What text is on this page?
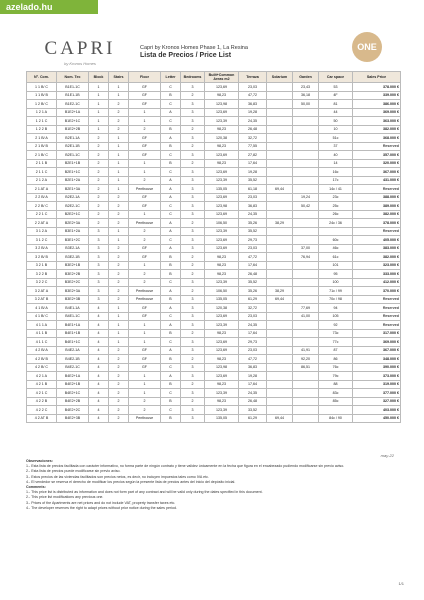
azelado.hu
CAPRI
by Kronos Homes
Capri by Kronos Homes Phase 1, La Resina
Lista de Precios / Price List
ONE
Nº. Com.	Nom. Tec	Block	Stairs	Floor	Letter	Bedrooms	Built+Common Areas m2	Terraza	Solarium	Garden	Car space	Sales Price
1 1 B/ C	B1E1-1C	1	1	GF	C	3	123,69	23,03		23,43	53	378.000 €
1 1 B/ B	B1E1-1B	1	1	GF	B	2	98,23	47,72		36,18	4F	339.000 €
1 2 B/ C	B1E2-1C	1	2	GF	C	3	123,98	36,83		50,00	81	386.000 €
1 2 1 A	B1E2+1A	1	2	1	A	3	123,69	19,28			44	369.000 €
1 2 1 C	B1E2+1C	1	2	1	C	3	123,39	24,35			50	363.000 €
1 2 2 B	B1E2+2B	1	2	2	B	2	98,23	26,48			10	382.000 €
2 1 B/ A	B2E1-1A	2	1	GF	A	3	120,38	32,72			51c	368.000 €
2 1 B/ B	B2E1-1B	2	1	GF	B	2	98,23	77,55			37	Reserved
2 1 B/ C	B2E1-1C	2	1	GF	C	3	123,69	27,82			40	357.000 €
2 1 1 B	B2E1+1B	2	1	1	B	2	98,23	17,64			14	320.000 €
2 1 1 C	B2E1+1C	2	1	1	C	3	123,69	19,28			16c	367.000 €
2 1 2 A	B2E1+2A	2	1	2	A	3	123,39	35,52			17c	431.000 €
2 1 AT A	B2E1+3A	2	1	Penthouse	A	3	135,05	61,18	69,44		14c / 41	Reserved
2 2 B/ A	B2E2-1A	2	2	GF	A	3	123,69	23,03		19,24	23c	388.000 €
2 2 B/ C	B2E2-1C	2	2	GF	C	3	123,98	36,83		50,42	25c	389.000 €
2 2 1 C	B2E2+1C	2	2	1	C	3	123,69	24,35			26c	382.000 €
2 2 AT A	B2E2+3A	2	2	Penthouse	A	2	106,50	35,26	38,29		24c / 36	378.000 €
3 1 2 A	B3E1+2A	3	1	2	A	3	123,39	35,52				Reserved
3 1 2 C	B3E1+2C	3	1	2	C	3	123,69	29,73			60c	405.000 €
3 2 B/ A	B3E2-1A	3	2	GF	A	3	123,69	23,03		37,00	46c	383.000 €
3 2 B/ B	B3E2-1B	3	2	GF	B	2	98,23	47,72		76,94	61c	382.000 €
3 2 1 B	B3E2+1B	3	2	1	B	2	98,23	17,64			101	323.000 €
3 2 2 B	B3E2+2B	3	2	2	B	2	98,23	26,48			95	333.000 €
3 2 2 C	B3E2+2C	3	2	2	C	3	123,39	35,52			100	412.000 €
3 2 AT A	B3E2+3A	3	2	Penthouse	A	2	106,50	35,26	38,29		71c / 99	370.000 €
3 2 AT B	B3E2+3B	3	2	Penthouse	B	3	135,05	61,29	69,44		70c / 98	Reserved
4 1 B/ A	B4E1-1A	4	1	GF	A	3	120,38	32,72		77,69	94	Reserved
4 1 B/ C	B4E1-1C	4	1	GF	C	3	123,69	23,03		41,00	105	Reserved
4 1 1 A	B4E1+1A	4	1	1	A	3	123,39	24,35			92	Reserved
4 1 1 B	B4E1+1B	4	1	1	B	2	98,23	17,64			73c	317.000 €
4 1 1 C	B4E1+1C	4	1	1	C	3	123,69	29,73			77c	369.000 €
4 2 B/ A	B4E2-1A	4	2	GF	A	3	123,69	23,03		41,91	87	367.000 €
4 2 B/ B	B4E2-1B	4	2	GF	B	2	98,23	47,72		92,20	86	348.000 €
4 2 B/ C	B4E2-1C	4	2	GF	C	3	123,98	36,83		86,51	76c	390.000 €
4 2 1 A	B4E2+1A	4	2	1	A	3	123,69	19,28			79c	373.000 €
4 2 1 B	B4E2+1B	4	2	1	B	2	98,23	17,64			88	319.000 €
4 2 1 C	B4E2+1C	4	2	1	C	3	123,39	24,35			83c	377.000 €
4 2 2 B	B4E2+2B	4	2	2	B	2	98,23	26,48			85c	327.000 €
4 2 2 C	B4E2+2C	4	2	2	C	3	123,39	33,52				403.000 €
4 2 AT B	B4E2+3B	4	2	Penthouse	B	3	135,05	61,29	69,44		84c / 90	450.000 €
may-22
Observaciones:
1.- Esta lista de precios facilitada con carácter informativo, no forma parte de ningún contrato y tiene validez únicamente en la fecha que figura en el encabezado pudiendo modificarse sin previo aviso.
2.- Esta lista de precios puede modificarse sin previo aviso.
3.- Estos precios de las viviendas facilitados son precios netos, es decir, no incluyen impuestos tales como IVA etc.
4.- El vendedor se reserva el derecho de modificar los precios según la presente lista de precios antes del inicio del depósito inicial.
Comments:
1.- This price list is distributed as information and does not form part of any contract and will be valid only during the dates specified in this document.
2.- This price list modifications any previous one.
3.- Prices of the Apartments are net prices and do not include VAT, property transfer taxes etc.
4.- The developer reserves the right to adapt prices without prior notice during the sales period.
1/1
